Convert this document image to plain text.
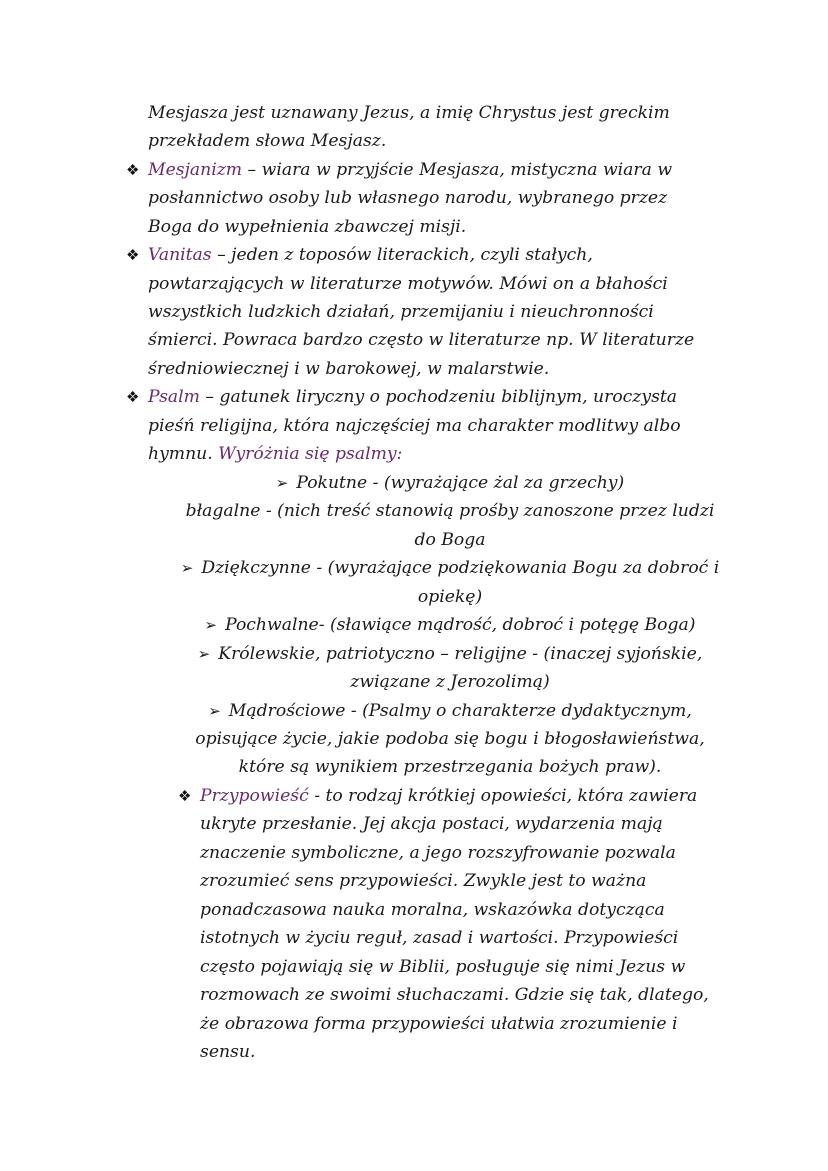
Mesjasza jest uznawany Jezus, a imię Chrystus jest greckim
przekładem słowa Mesjasz.
❖ Mesjanizm – wiara w przyjście Mesjasza, mistyczna wiara w
posłannictwo osoby lub własnego narodu, wybranego przez
Boga do wypełnienia zbawczej misji.
❖ Vanitas – jeden z toposów literackich, czyli stałych,
powtarzających w literaturze motywów. Mówi on a błahości
wszystkich ludzkich działań, przemijaniu i nieuchronności
śmierci. Powraca bardzo często w literaturze np. W literaturze
średniowiecznej i w barokowej, w malarstwie.
❖ Psalm – gatunek liryczny o pochodzeniu biblijnym, uroczysta
pieśń religijna, która najczęściej ma charakter modlitwy albo
hymnu. Wyróżnia się psalmy:
➢ Pokutne - (wyrażające żal za grzechy)
błagalne - (nich treść stanowią prośby zanoszone przez ludzi
do Boga
➢ Dziękczynne - (wyrażające podziękowania Bogu za dobroć i
opiekę)
➢ Pochwalne- (sławiące mądrość, dobroć i potęgę Boga)
➢ Królewskie, patriotyczno – religijne - (inaczej syjońskie,
związane z Jerozolimą)
➢ Mądrościowe - (Psalmy o charakterze dydaktycznym,
opisujące życie, jakie podoba się bogu i błogosławieństwa,
które są wynikiem przestrzegania bożych praw).
❖ Przypowieść - to rodzaj krótkiej opowieści, która zawiera
ukryte przesłanie. Jej akcja postaci, wydarzenia mają
znaczenie symboliczne, a jego rozszyfrowanie pozwala
zrozumieć sens przypowieści. Zwykle jest to ważna
ponadczasowa nauka moralna, wskazówka dotycząca
istotnych w życiu reguł, zasad i wartości. Przypowieści
często pojawiają się w Biblii, posługuje się nimi Jezus w
rozmowach ze swoimi słuchaczami. Gdzie się tak, dlatego,
że obrazowa forma przypowieści ułatwia zrozumienie i
sensu.
